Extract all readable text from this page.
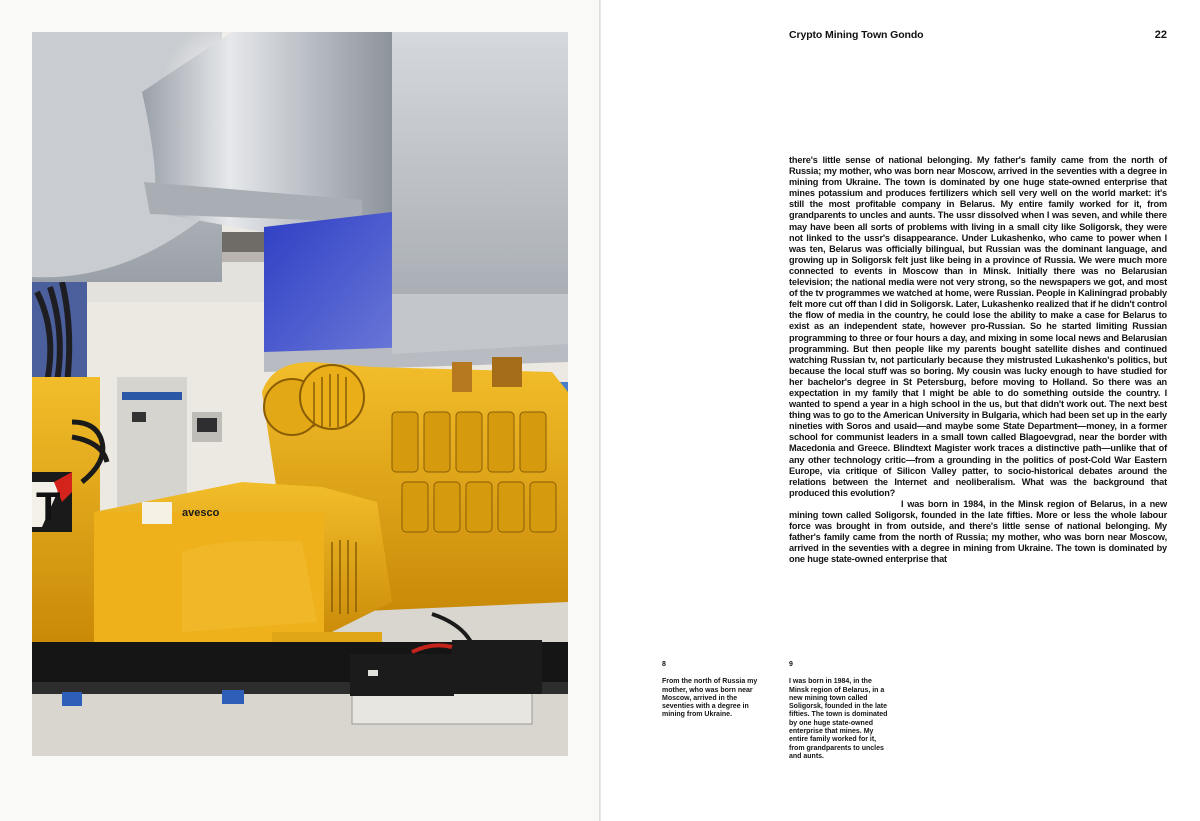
T	avesco
Crypto Mining Town Gondo	22

there's little sense of national belonging. My father's family came from the north of Russia; my mother, who was born near Moscow, arrived in the seventies with a degree in mining from Ukraine. The town is dominated by one huge state-owned enterprise that mines potassium and produces fertilizers which sell very well on the world market: it's still the most profitable company in Belarus. My entire family worked for it, from grandparents to uncles and aunts. The ussr dissolved when I was seven, and while there may have been all sorts of problems with living in a small city like Soligorsk, they were not linked to the ussr's disappearance. Under Lukashenko, who came to power when I was ten, Belarus was officially bilingual, but Russian was the dominant language, and growing up in Soligorsk felt just like being in a province of Russia. We were much more connected to events in Moscow than in Minsk. Initially there was no Belarusian television; the national media were not very strong, so the newspapers we got, and most of the tv programmes we watched at home, were Russian. People in Kaliningrad probably felt more cut off than I did in Soligorsk. Later, Lukashenko realized that if he didn't control the flow of media in the country, he could lose the ability to make a case for Belarus to exist as an independent state, however pro-Russian. So he started limiting Russian programming to three or four hours a day, and mixing in some local news and Belarusian programming. But then people like my parents bought satellite dishes and continued watching Russian tv, not particularly because they mistrusted Lukashenko's politics, but because the local stuff was so boring. My cousin was lucky enough to have studied for her bachelor's degree in St Petersburg, before moving to Holland. So there was an expectation in my family that I might be able to do something outside the country. I wanted to spend a year in a high school in the us, but that didn't work out. The next best thing was to go to the American University in Bulgaria, which had been set up in the early nineties with Soros and usaid—and maybe some State Department—money, in a former school for communist leaders in a small town called Blagoevgrad, near the border with Macedonia and Greece. Blindtext Magister work traces a distinctive path—unlike that of any other technology critic—from a grounding in the politics of post-Cold War Eastern Europe, via critique of Silicon Valley patter, to socio-historical debates around the relations between the Internet and neoliberalism. What was the background that produced this evolution?

I was born in 1984, in the Minsk region of Belarus, in a new mining town called Soligorsk, founded in the late fifties. More or less the whole labour force was brought in from outside, and there's little sense of national belonging. My father's family came from the north of Russia; my mother, who was born near Moscow, arrived in the seventies with a degree in mining from Ukraine. The town is dominated by one huge state-owned enterprise that

8
From the north of Russia my mother, who was born near Moscow, arrived in the seventies with a degree in mining from Ukraine.
9
I was born in 1984, in the Minsk region of Belarus, in a new mining town called Soligorsk, founded in the late fifties. The town is dominated by one huge state-owned enterprise that mines. My entire family worked for it, from grandparents to uncles and aunts.
